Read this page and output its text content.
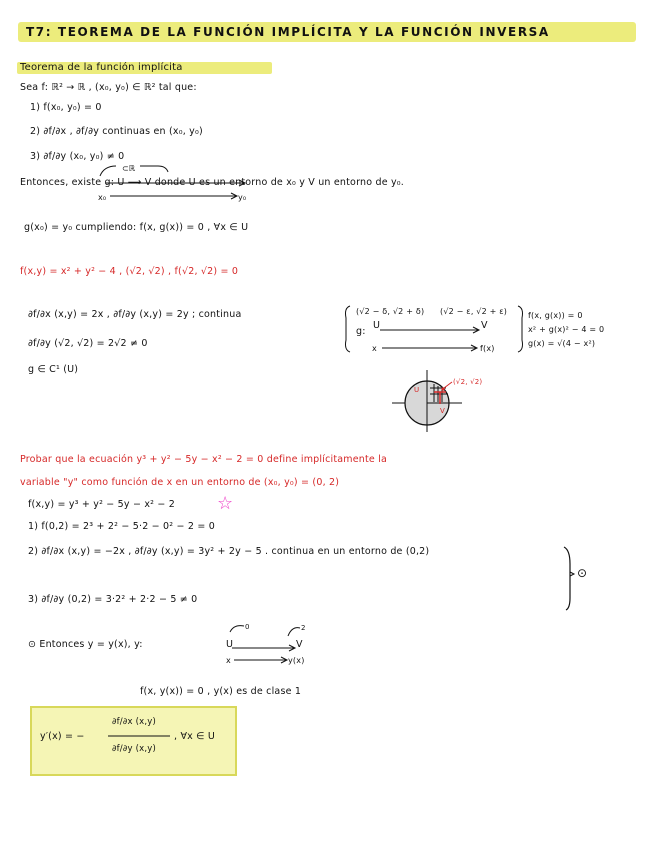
T7: TEOREMA DE LA FUNCIÓN IMPLÍCITA Y LA FUNCIÓN INVERSA
Teorema de la función implícita
Sea f: ℝ² → ℝ , (x₀, y₀) ∈ ℝ² tal que:
1) f(x₀, y₀) = 0
2) ∂f/∂x , ∂f/∂y continuas en (x₀, y₀)
3) ∂f/∂y (x₀, y₀) ≠ 0
⊂ℝ
Entonces, existe g: U ⟶ V donde U es un entorno de x₀ y V un entorno de y₀.
x₀	y₀
g(x₀) = y₀ cumpliendo: f(x, g(x)) = 0 , ∀x ∈ U
f(x,y) = x² + y² − 4 , (√2, √2) , f(√2, √2) = 0
∂f/∂x (x,y) = 2x , ∂f/∂y (x,y) = 2y ; continua
∂f/∂y (√2, √2) = 2√2 ≠ 0
g ∈ C¹ (U)
(√2 − δ, √2 + δ) (√2 − ε, √2 + ε)
g:
U	V
x	f(x)
f(x, g(x)) = 0
x² + g(x)² − 4 = 0
g(x) = √(4 − x²)
(√2, √2)
U
V
Probar que la ecuación y³ + y² − 5y − x² − 2 = 0 define implícitamente la
variable "y" como función de x en un entorno de (x₀, y₀) = (0, 2)
f(x,y) = y³ + y² − 5y − x² − 2 ☆
1) f(0,2) = 2³ + 2² − 5·2 − 0² − 2 = 0
2) ∂f/∂x (x,y) = −2x , ∂f/∂y (x,y) = 3y² + 2y − 5 . continua en un entorno de (0,2)
3) ∂f/∂y (0,2) = 3·2² + 2·2 − 5 ≠ 0
⊙
⊙ Entonces y = y(x), y:	U	V
0	2
x	y(x)
f(x, y(x)) = 0 , y(x) es de clase 1
y′(x) = −
∂f/∂x (x,y)
∂f/∂y (x,y)
, ∀x ∈ U
